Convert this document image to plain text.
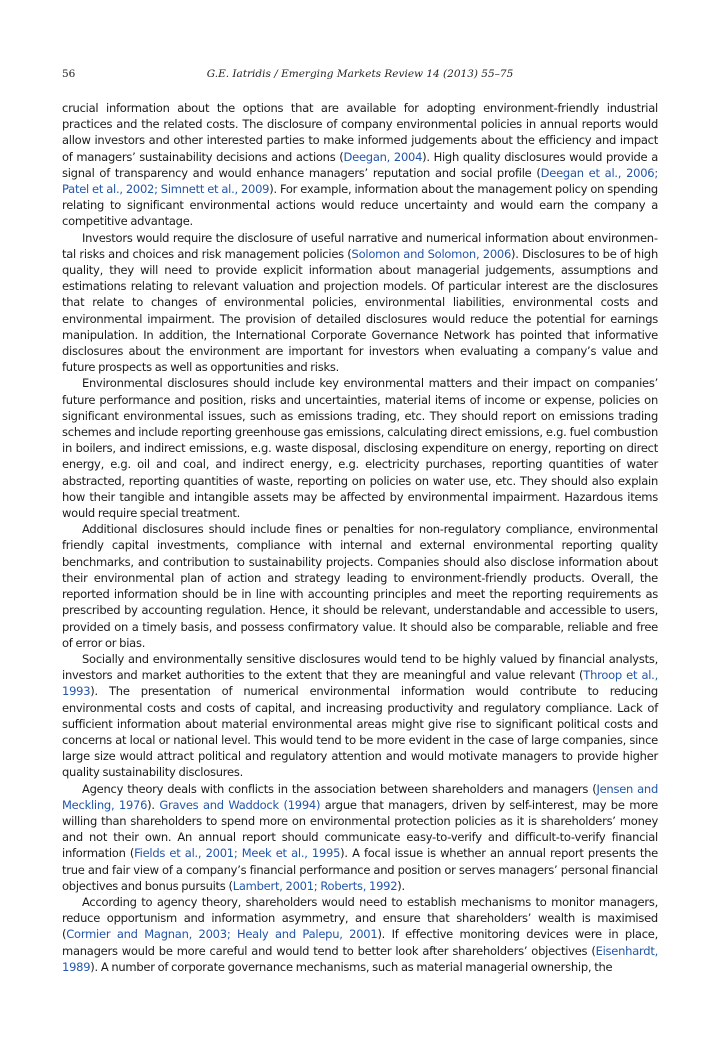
56	G.E. Iatridis / Emerging Markets Review 14 (2013) 55–75

crucial information about the options that are available for adopting environment-friendly industrial practices and the related costs. The disclosure of company environmental policies in annual reports would allow investors and other interested parties to make informed judgements about the efficiency and impact of managers’ sustainability decisions and actions (Deegan, 2004). High quality disclosures would provide a signal of transparency and would enhance managers’ reputation and social profile (Deegan et al., 2006; Patel et al., 2002; Simnett et al., 2009). For example, information about the management policy on spending relating to significant environmental actions would reduce uncertainty and would earn the company a competitive advantage.

Investors would require the disclosure of useful narrative and numerical information about environmental risks and choices and risk management policies (Solomon and Solomon, 2006). Disclosures to be of high quality, they will need to provide explicit information about managerial judgements, assumptions and estimations relating to relevant valuation and projection models. Of particular interest are the disclosures that relate to changes of environmental policies, environmental liabilities, environmental costs and environmental impairment. The provision of detailed disclosures would reduce the potential for earnings manipulation. In addition, the International Corporate Governance Network has pointed that informative disclosures about the environment are important for investors when evaluating a company’s value and future prospects as well as opportunities and risks.

Environmental disclosures should include key environmental matters and their impact on companies’ future performance and position, risks and uncertainties, material items of income or expense, policies on significant environmental issues, such as emissions trading, etc. They should report on emissions trading schemes and include reporting greenhouse gas emissions, calculating direct emissions, e.g. fuel combustion in boilers, and indirect emissions, e.g. waste disposal, disclosing expenditure on energy, reporting on direct energy, e.g. oil and coal, and indirect energy, e.g. electricity purchases, reporting quantities of water abstracted, reporting quantities of waste, reporting on policies on water use, etc. They should also explain how their tangible and intangible assets may be affected by environmental impairment. Hazardous items would require special treatment.

Additional disclosures should include fines or penalties for non-regulatory compliance, environmental friendly capital investments, compliance with internal and external environmental reporting quality benchmarks, and contribution to sustainability projects. Companies should also disclose information about their environmental plan of action and strategy leading to environment-friendly products. Overall, the reported information should be in line with accounting principles and meet the reporting requirements as prescribed by accounting regulation. Hence, it should be relevant, understandable and accessible to users, provided on a timely basis, and possess confirmatory value. It should also be comparable, reliable and free of error or bias.

Socially and environmentally sensitive disclosures would tend to be highly valued by financial analysts, investors and market authorities to the extent that they are meaningful and value relevant (Throop et al., 1993). The presentation of numerical environmental information would contribute to reducing environmental costs and costs of capital, and increasing productivity and regulatory compliance. Lack of sufficient information about material environmental areas might give rise to significant political costs and concerns at local or national level. This would tend to be more evident in the case of large companies, since large size would attract political and regulatory attention and would motivate managers to provide higher quality sustainability disclosures.

Agency theory deals with conflicts in the association between shareholders and managers (Jensen and Meckling, 1976). Graves and Waddock (1994) argue that managers, driven by self-interest, may be more willing than shareholders to spend more on environmental protection policies as it is shareholders’ money and not their own. An annual report should communicate easy-to-verify and difficult-to-verify financial information (Fields et al., 2001; Meek et al., 1995). A focal issue is whether an annual report presents the true and fair view of a company’s financial performance and position or serves managers’ personal financial objectives and bonus pursuits (Lambert, 2001; Roberts, 1992).

According to agency theory, shareholders would need to establish mechanisms to monitor managers, reduce opportunism and information asymmetry, and ensure that shareholders’ wealth is maximised (Cormier and Magnan, 2003; Healy and Palepu, 2001). If effective monitoring devices were in place, managers would be more careful and would tend to better look after shareholders’ objectives (Eisenhardt, 1989). A number of corporate governance mechanisms, such as material managerial ownership, the
